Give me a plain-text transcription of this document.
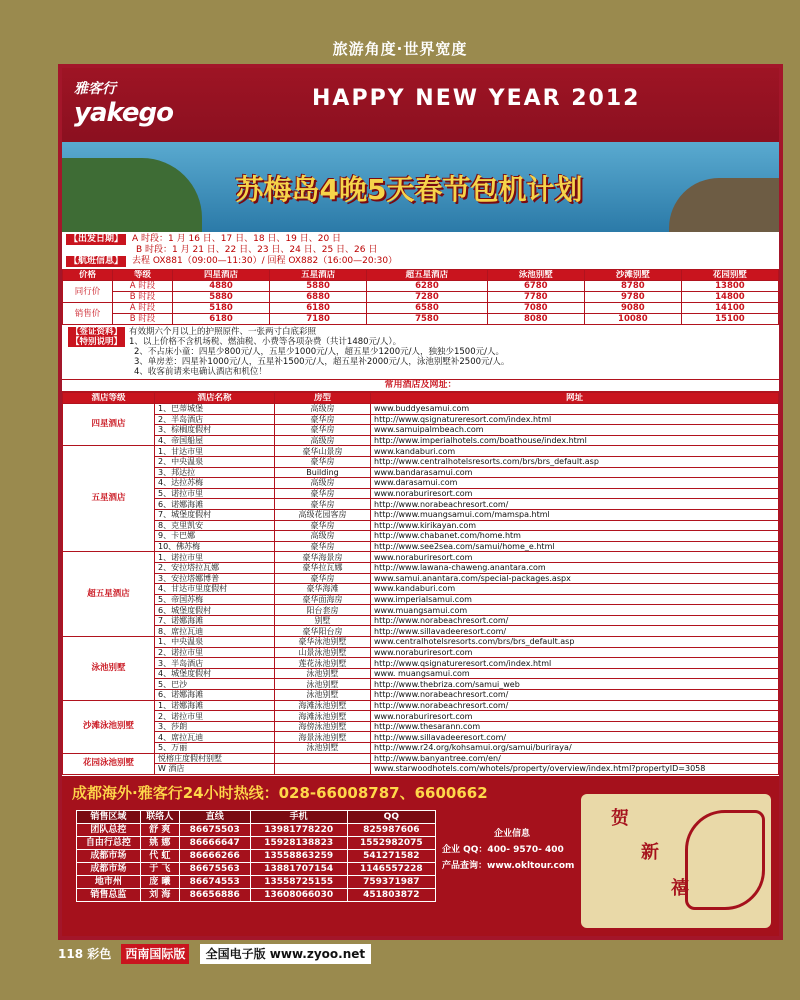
旅游角度·世界宽度
雅客行
yakego	HAPPY NEW YEAR 2012
苏梅岛4晚5天春节包机计划
【出发日期】 A 时段：1 月 16 日、17 日、18 日、19 日、20 日
B 时段：1 月 21 日、22 日、23 日、24 日、25 日、26 日
【航班信息】 去程 OX881（09:00—11:30）/ 回程 OX882（16:00—20:30）
价格	等级	四星酒店	五星酒店	超五星酒店	泳池别墅	沙滩别墅	花园别墅
同行价	A 时段	4880	5880	6280	6780	8780	13800
	B 时段	5880	6880	7280	7780	9780	14800
销售价	A 时段	5180	6180	6580	7080	9080	14100
	B 时段	6180	7180	7580	8080	10080	15100
【签证资料】 有效期六个月以上的护照原件、一张两寸白底彩照
【特别说明】 1、以上价格不含机场税、燃油税、小费等各项杂费（共计1480元/人）。
2、不占床小童：四星少800元/人，五星少1000元/人，超五星少1200元/人，独独少1500元/人。
3、单房差：四星补1000元/人，五星补1500元/人，超五星补2000元/人，泳池别墅补2500元/人。
4、收客前请来电确认酒店和机位！
常用酒店及网址：
酒店等级	酒店名称	房型	网址
四星酒店	1、巴蒂城堡	高级房	www.buddyesamui.com
	2、半岛酒店	豪华房	http://www.qsignatureresort.com/index.html
	3、棕榈度假村	豪华房	www.samuipalmbeach.com
	4、帝国船屋	高级房	http://www.imperialhotels.com/boathouse/index.html
五星酒店	1、甘达市里	豪华山景房	www.kandaburi.com
	2、中央温泉	豪华房	http://www.centralhotelsresorts.com/brs/brs_default.asp
	3、邦达拉	Building	www.bandarasamui.com
	4、达拉苏梅	高级房	www.darasamui.com
	5、诺拉市里	豪华房	www.noraburiresort.com
	6、诺娜海滩	豪华房	http://www.norabeachresort.com/
	7、城堡度假村	高级花园客房	http://www.muangsamui.com/mamspa.html
	8、克里凯安	豪华房	http://www.kirikayan.com
	9、卡巴娜	高级房	http://www.chabanet.com/home.htm
	10、佛苏梅	豪华房	http://www.see2sea.com/samui/home_e.html
超五星酒店	1、诺拉市里	豪华海景房	www.noraburiresort.com
	2、安拉塔拉瓦娜	豪华拉瓦娜	http://www.lawana-chaweng.anantara.com
	3、安拉塔娜博普	豪华房	www.samui.anantara.com/special-packages.aspx
	4、甘达市里度假村	豪华海滩	www.kandaburi.com
	5、帝国苏梅	豪华面海房	www.imperialsamui.com
	6、城堡度假村	阳台套房	www.muangsamui.com
	7、诺娜海滩	别墅	http://www.norabeachresort.com/
	8、席拉瓦迪	豪华阳台房	http://www.sillavadeeresort.com/
泳池别墅	1、中央温泉	豪华泳池别墅	www.centralhotelsresorts.com/brs/brs_default.asp
	2、诺拉市里	山景泳池别墅	www.noraburiresort.com
	3、半岛酒店	莲花泳池别墅	http://www.qsignatureresort.com/index.html
	4、城堡度假村	泳池别墅	www. muangsamui.com
	5、巴沙	泳池别墅	http://www.thebriza.com/samui_web
	6、诺娜海滩	泳池别墅	http://www.norabeachresort.com/
沙滩泳池别墅	1、诺娜海滩	海滩泳池别墅	http://www.norabeachresort.com/
	2、诺拉市里	海滩泳池别墅	www.noraburiresort.com
	3、莎朗	海傍泳池别墅	http://www.thesarann.com
	4、席拉瓦迪	海景泳池别墅	http://www.sillavadeeresort.com/
	5、万丽	泳池别墅	http://www.r24.org/kohsamui.org/samui/buriraya/
花园泳池别墅	悦榕庄度假村别墅		http://www.banyantree.com/en/
	W 酒店		www.starwoodhotels.com/whotels/property/overview/index.html?propertyID=3058
成都海外·雅客行24小时热线：028-66008787、6600662
销售区域	联络人	直线	手机	QQ
团队总控	舒 爽	86675503	13981778220	825987606
自由行总控	姚 娜	86666647	15928138823	1552982075
成都市场	代 虹	86666266	13558863259	541271582
成都市场	于 飞	86675563	13881707154	1146557228
地市州	庞 曦	86674553	13558725155	759371987
销售总监	刘 海	86656886	13608066030	451803872
企业信息
企业 QQ：400- 9570- 400
产品查询：www.okltour.com
贺
新
禧
118 彩色 西南国际版 全国电子版 www.zyoo.net
